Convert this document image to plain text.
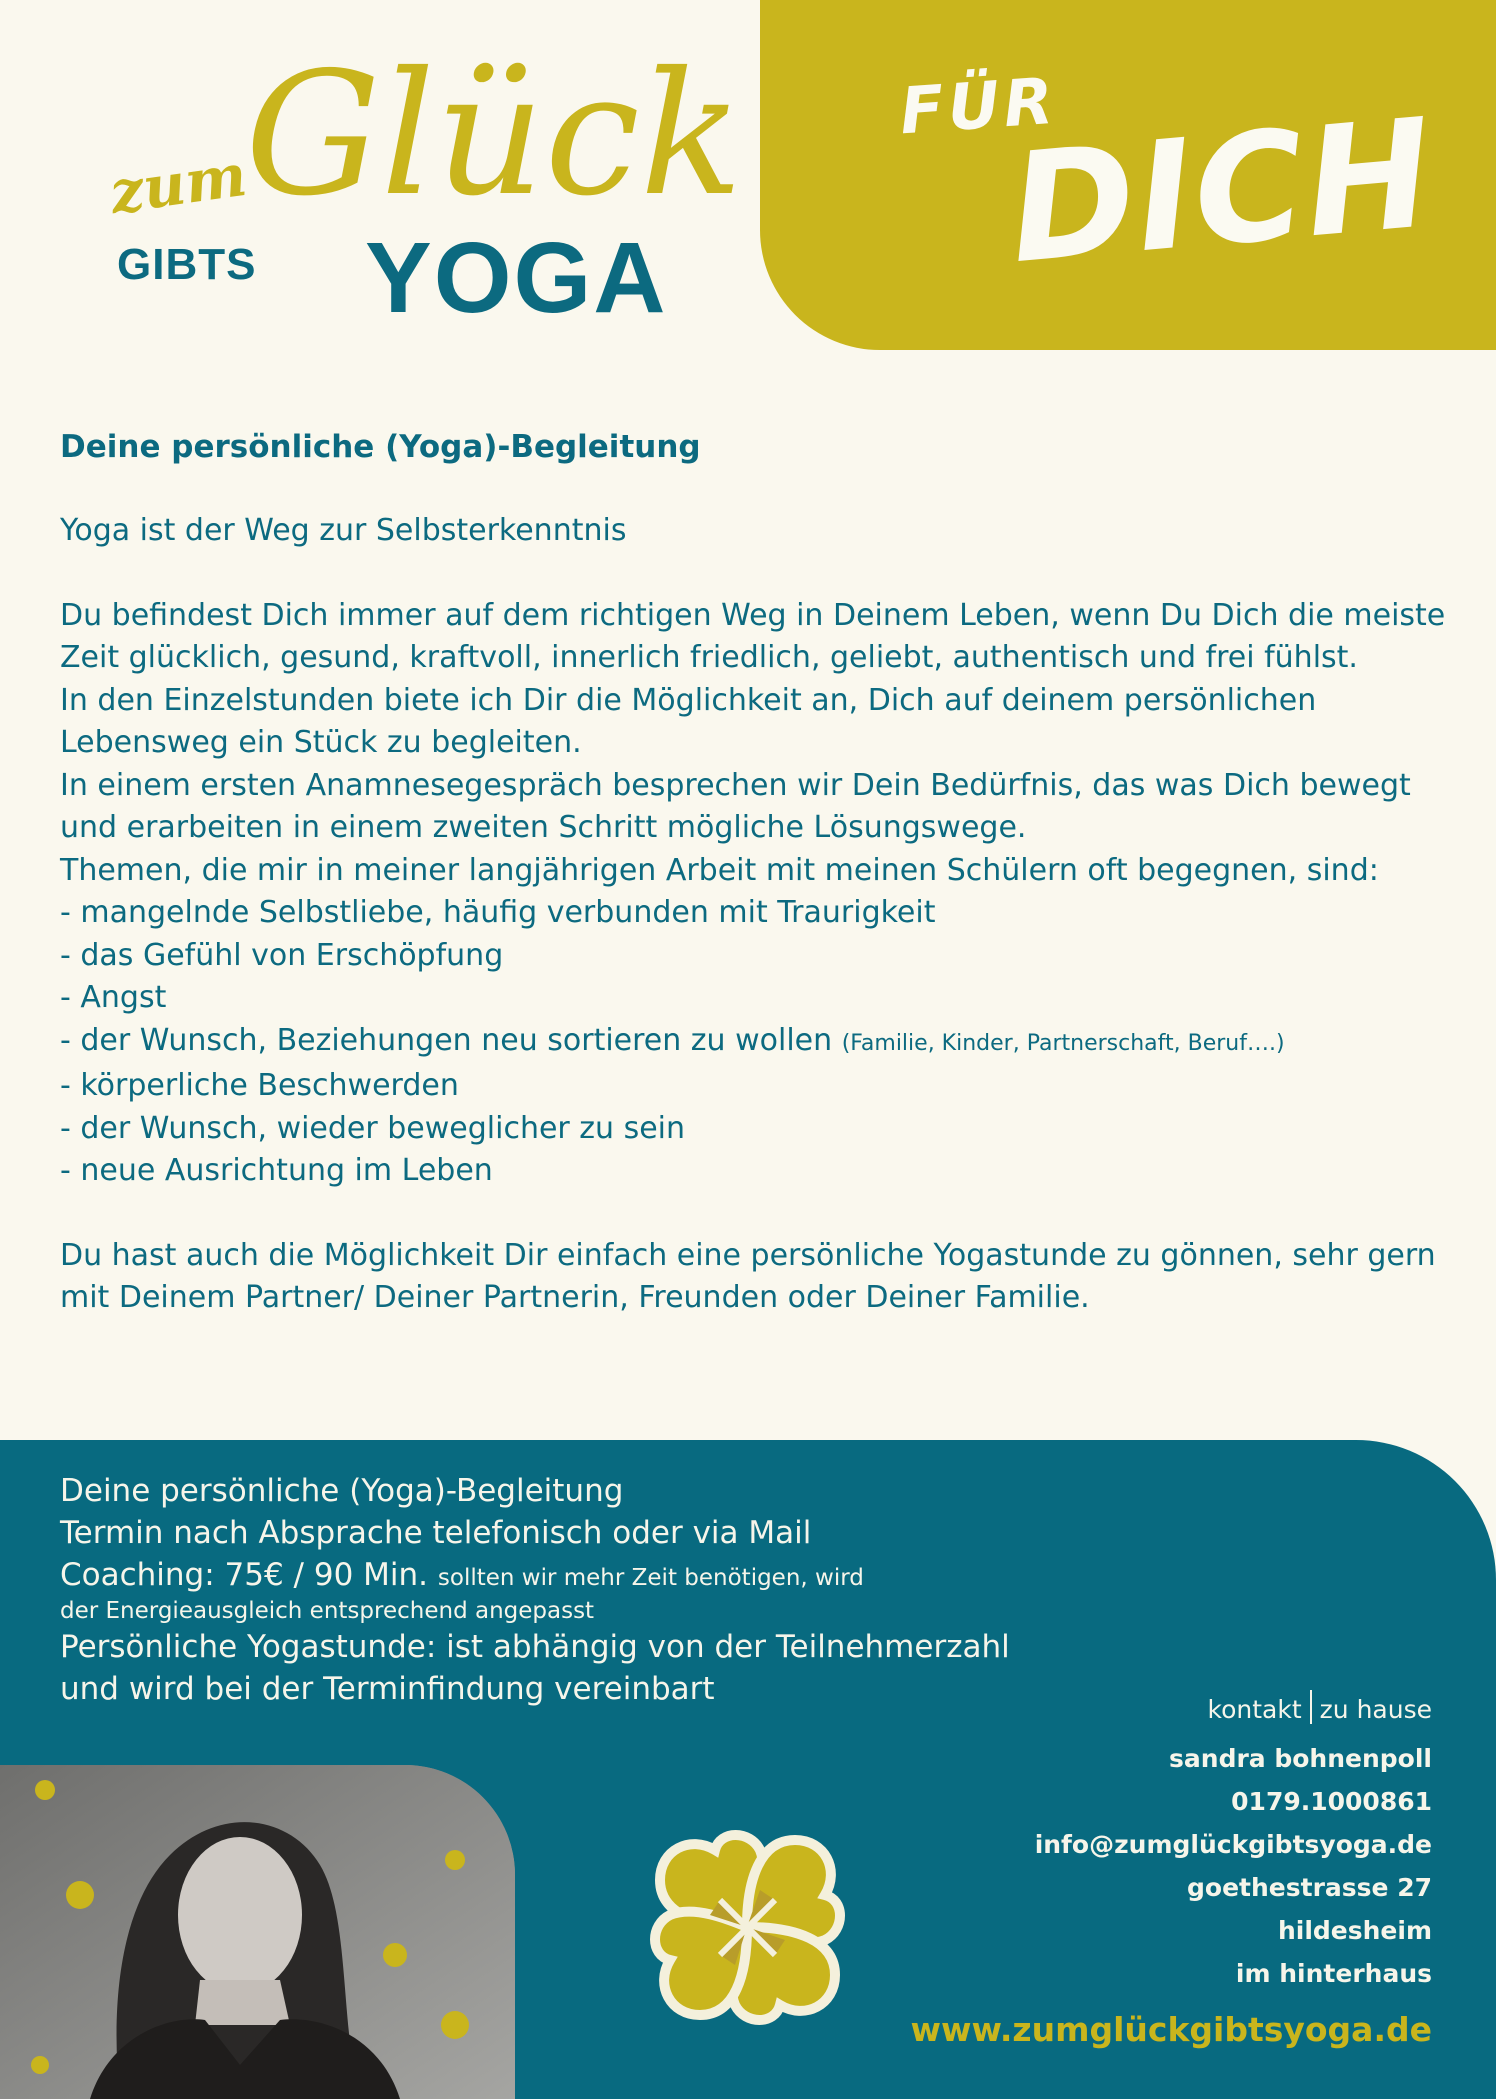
Glück
zum
GIBTS YOGA
FÜR
DICH
Deine persönliche (Yoga)-Begleitung

Yoga ist der Weg zur Selbsterkenntnis

Du befindest Dich immer auf dem richtigen Weg in Deinem Leben, wenn Du Dich die meiste Zeit glücklich, gesund, kraftvoll, innerlich friedlich, geliebt, authentisch und frei fühlst.

In den Einzelstunden biete ich Dir die Möglichkeit an, Dich auf deinem persönlichen Lebensweg ein Stück zu begleiten.

In einem ersten Anamnesegespräch besprechen wir Dein Bedürfnis, das was Dich bewegt und erarbeiten in einem zweiten Schritt mögliche Lösungswege.

Themen, die mir in meiner langjährigen Arbeit mit meinen Schülern oft begegnen, sind:

- mangelnde Selbstliebe, häufig verbunden mit Traurigkeit

- das Gefühl von Erschöpfung

- Angst

- der Wunsch, Beziehungen neu sortieren zu wollen (Familie, Kinder, Partnerschaft, Beruf….)

- körperliche Beschwerden

- der Wunsch, wieder beweglicher zu sein

- neue Ausrichtung im Leben

Du hast auch die Möglichkeit Dir einfach eine persönliche Yogastunde zu gönnen, sehr gern mit Deinem Partner/ Deiner Partnerin, Freunden oder Deiner Familie.

Deine persönliche (Yoga)-Begleitung
Termin nach Absprache telefonisch oder via Mail
Coaching: 75€ / 90 Min. sollten wir mehr Zeit benötigen, wird
der Energieausgleich entsprechend angepasst
Persönliche Yogastunde: ist abhängig von der Teilnehmerzahl
und wird bei der Terminfindung vereinbart
kontakt zu hause
sandra bohnenpoll
0179.1000861
info@zumglückgibtsyoga.de
goethestrasse 27
hildesheim
im hinterhaus
www.zumglückgibtsyoga.de
